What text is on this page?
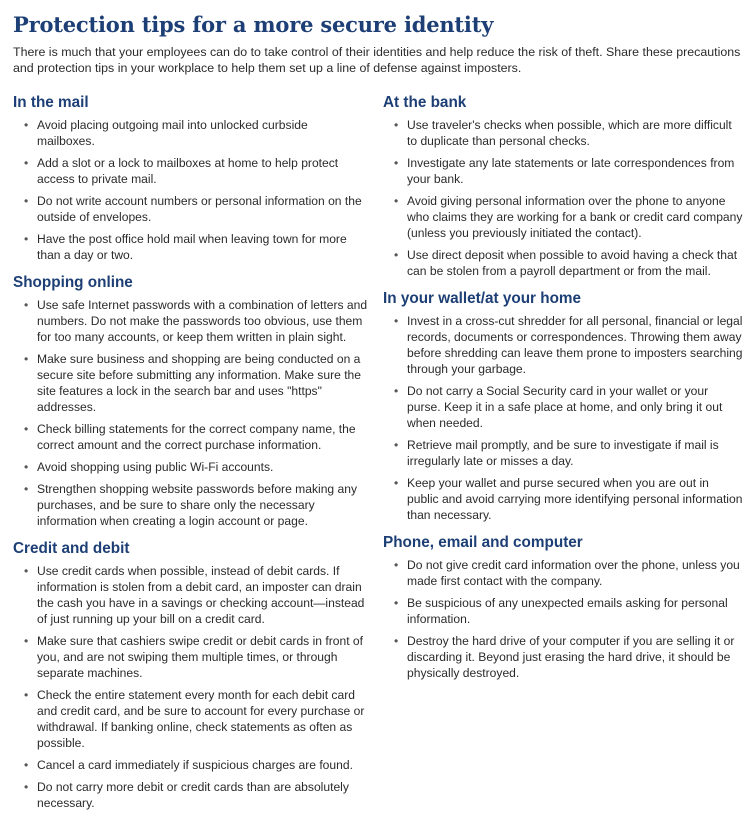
Protection tips for a more secure identity

There is much that your employees can do to take control of their identities and help reduce the risk of theft. Share these precautions and protection tips in your workplace to help them set up a line of defense against imposters.

In the mail
• Avoid placing outgoing mail into unlocked curbside mailboxes.
• Add a slot or a lock to mailboxes at home to help protect access to private mail.
• Do not write account numbers or personal information on the outside of envelopes.
• Have the post office hold mail when leaving town for more than a day or two.
Shopping online
• Use safe Internet passwords with a combination of letters and numbers. Do not make the passwords too obvious, use them for too many accounts, or keep them written in plain sight.
• Make sure business and shopping are being conducted on a secure site before submitting any information. Make sure the site features a lock in the search bar and uses "https" addresses.
• Check billing statements for the correct company name, the correct amount and the correct purchase information.
• Avoid shopping using public Wi-Fi accounts.
• Strengthen shopping website passwords before making any purchases, and be sure to share only the necessary information when creating a login account or page.
Credit and debit
• Use credit cards when possible, instead of debit cards. If information is stolen from a debit card, an imposter can drain the cash you have in a savings or checking account—instead of just running up your bill on a credit card.
• Make sure that cashiers swipe credit or debit cards in front of you, and are not swiping them multiple times, or through separate machines.
• Check the entire statement every month for each debit card and credit card, and be sure to account for every purchase or withdrawal. If banking online, check statements as often as possible.
• Cancel a card immediately if suspicious charges are found.
• Do not carry more debit or credit cards than are absolutely necessary.
At the bank
• Use traveler's checks when possible, which are more difficult to duplicate than personal checks.
• Investigate any late statements or late correspondences from your bank.
• Avoid giving personal information over the phone to anyone who claims they are working for a bank or credit card company (unless you previously initiated the contact).
• Use direct deposit when possible to avoid having a check that can be stolen from a payroll department or from the mail.
In your wallet/at your home
• Invest in a cross-cut shredder for all personal, financial or legal records, documents or correspondences. Throwing them away before shredding can leave them prone to imposters searching through your garbage.
• Do not carry a Social Security card in your wallet or your purse. Keep it in a safe place at home, and only bring it out when needed.
• Retrieve mail promptly, and be sure to investigate if mail is irregularly late or misses a day.
• Keep your wallet and purse secured when you are out in public and avoid carrying more identifying personal information than necessary.
Phone, email and computer
• Do not give credit card information over the phone, unless you made first contact with the company.
• Be suspicious of any unexpected emails asking for personal information.
• Destroy the hard drive of your computer if you are selling it or discarding it. Beyond just erasing the hard drive, it should be physically destroyed.
